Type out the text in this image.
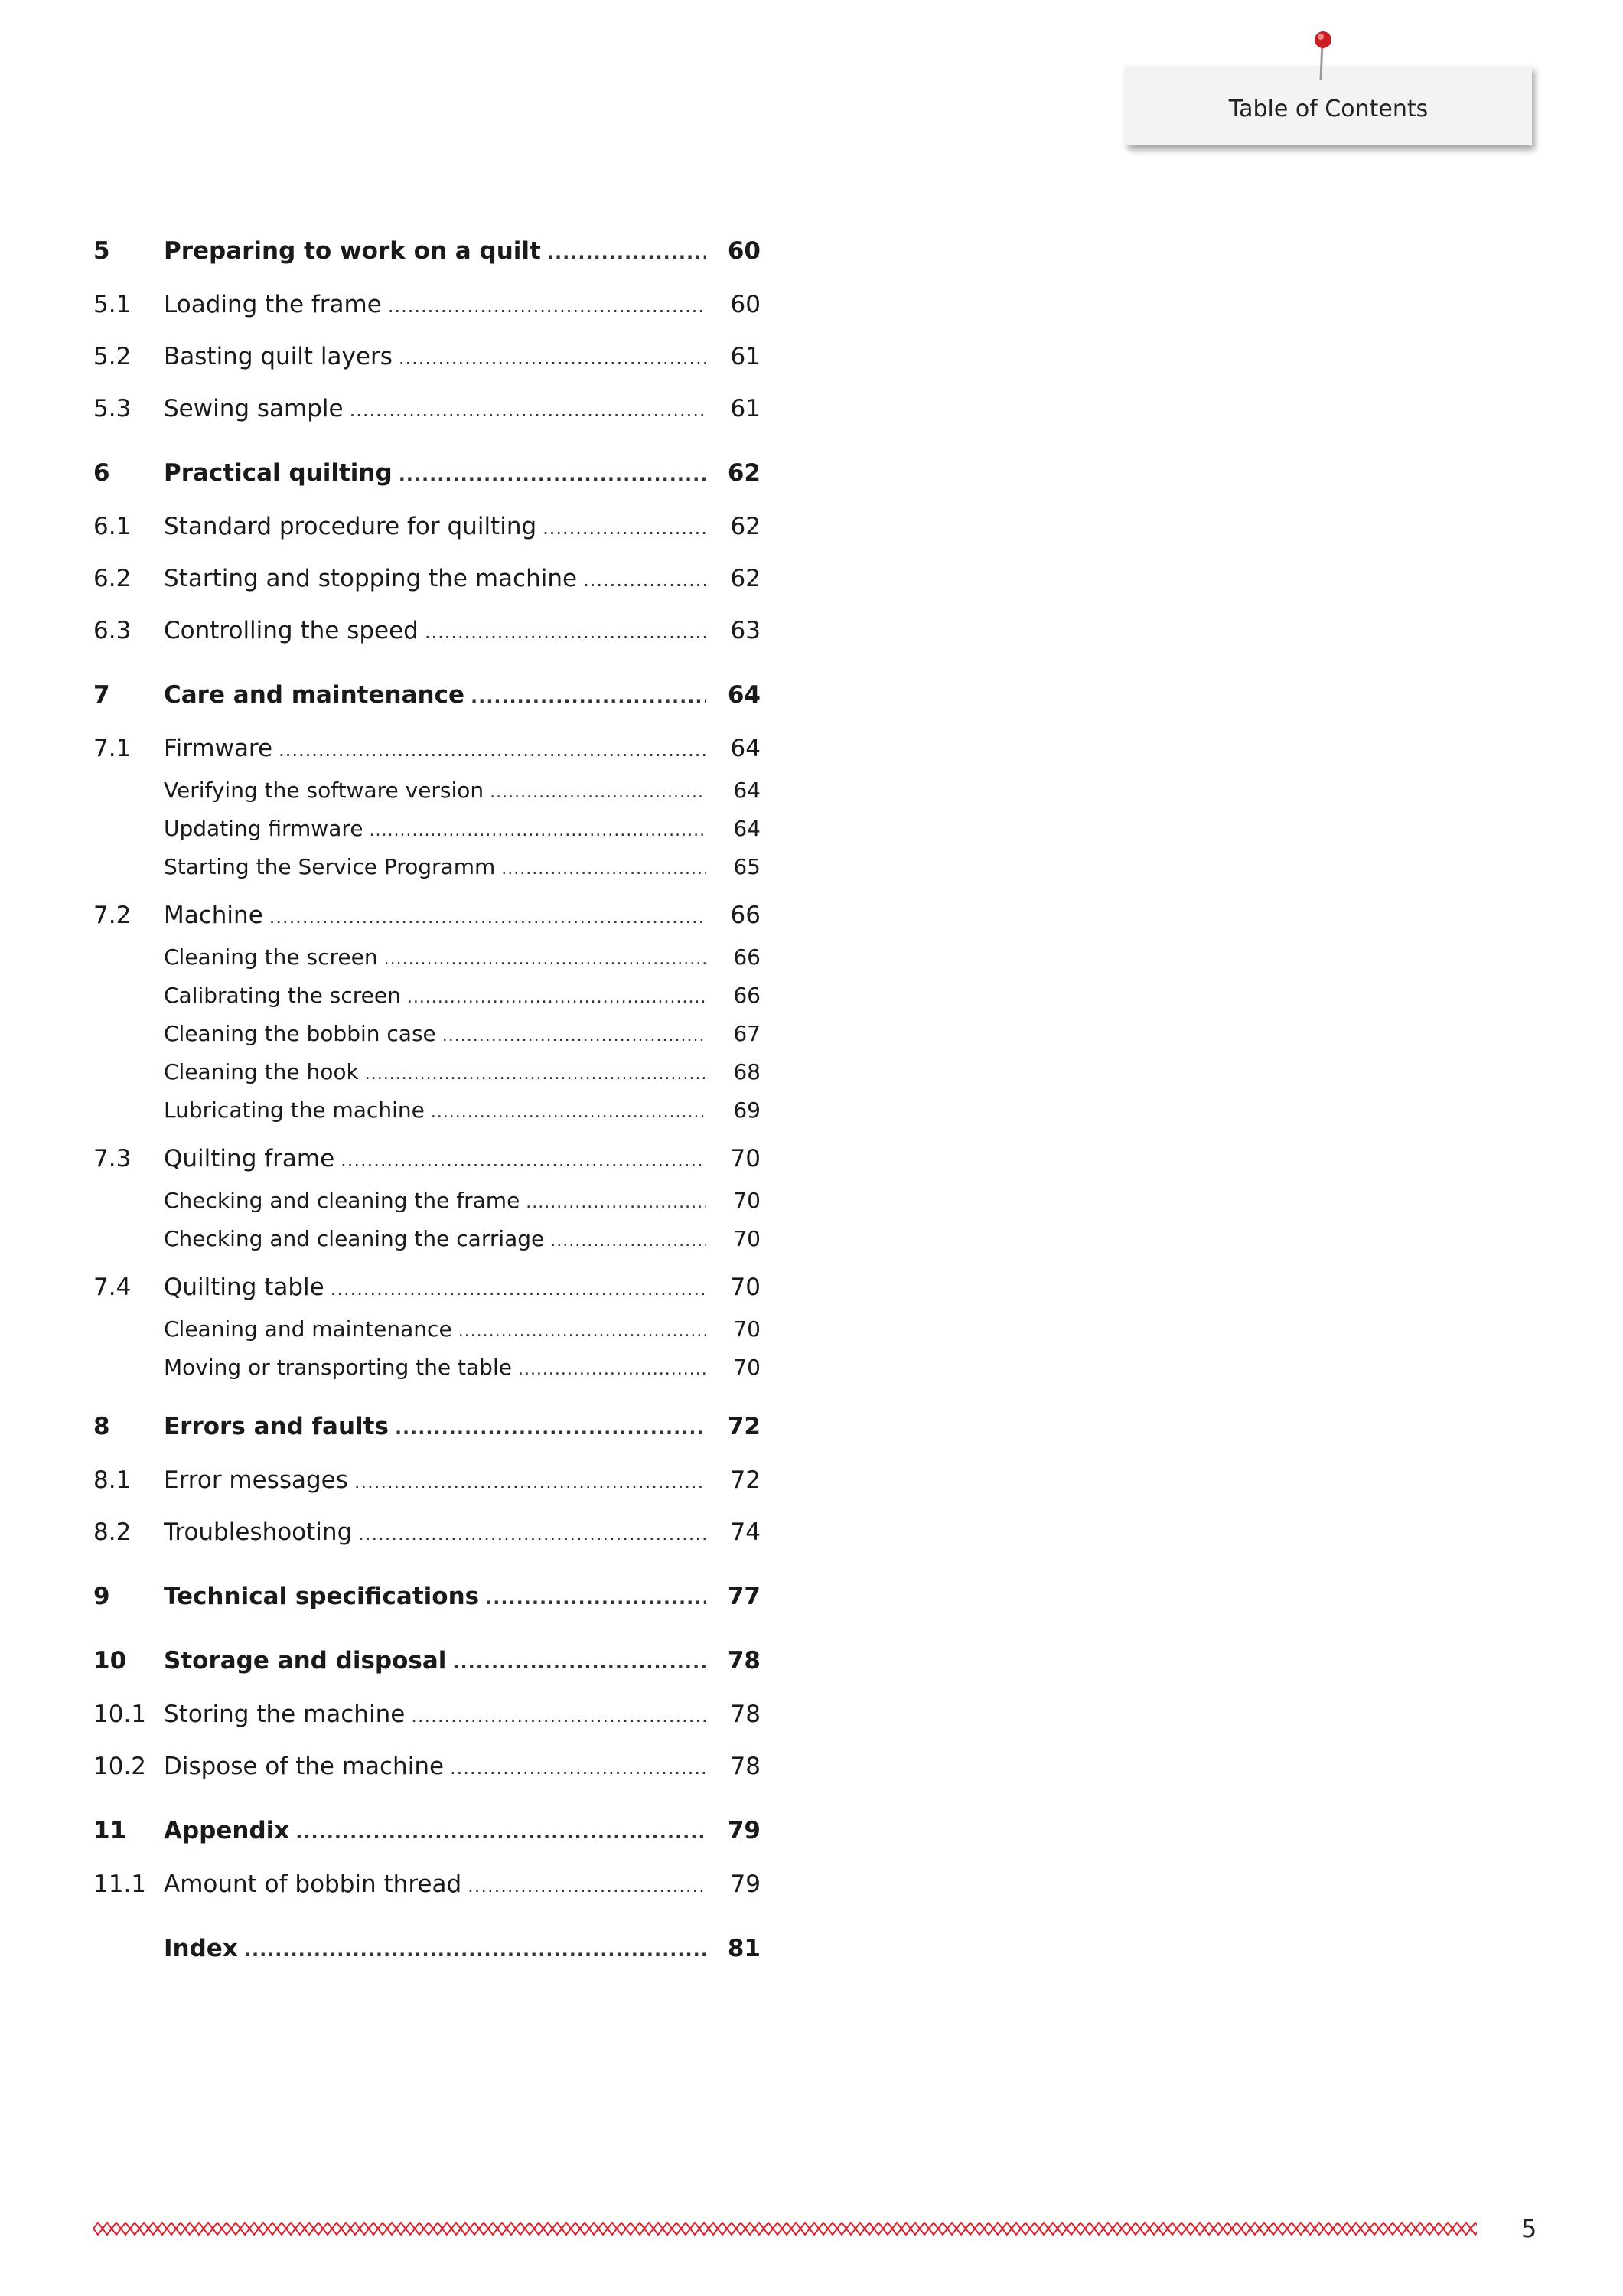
Table of Contents
5	Preparing to work on a quilt .....	60
5.1	Loading the frame .....	60
5.2	Basting quilt layers .....	61
5.3	Sewing sample .....	61
6	Practical quilting .....	62
6.1	Standard procedure for quilting .....	62
6.2	Starting and stopping the machine .....	62
6.3	Controlling the speed .....	63
7	Care and maintenance .....	64
7.1	Firmware .....	64
Verifying the software version .....	64
Updating firmware .....	64
Starting the Service Programm .....	65
7.2	Machine .....	66
Cleaning the screen .....	66
Calibrating the screen .....	66
Cleaning the bobbin case .....	67
Cleaning the hook .....	68
Lubricating the machine .....	69
7.3	Quilting frame .....	70
Checking and cleaning the frame .....	70
Checking and cleaning the carriage .....	70
7.4	Quilting table .....	70
Cleaning and maintenance .....	70
Moving or transporting the table .....	70
8	Errors and faults .....	72
8.1	Error messages .....	72
8.2	Troubleshooting .....	74
9	Technical specifications .....	77
10	Storage and disposal .....	78
10.1 Storing the machine .....	78
10.2 Dispose of the machine .....	78
11	Appendix .....	79
11.1 Amount of bobbin thread .....	79
Index .....	81
5
